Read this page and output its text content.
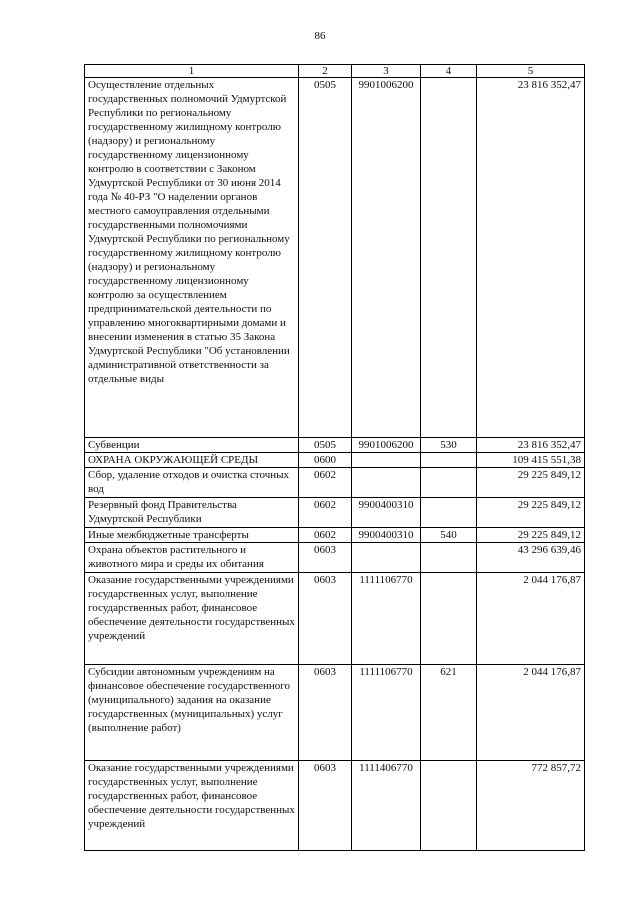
86
1	2	3	4	5

Осуществление отдельных государственных полномочий Удмуртской Республики по региональному государственному жилищному контролю (надзору) и региональному государственному лицензионному контролю в соответствии с Законом Удмуртской Республики от 30 июня 2014 года № 40-РЗ "О наделении органов местного самоуправления отдельными государственными полномочиями Удмуртской Республики по региональному государственному жилищному контролю (надзору) и региональному государственному лицензионному контролю за осуществлением предпринимательской деятельности по управлению многоквартирными домами и внесении изменения в статью 35 Закона Удмуртской Республики "Об установлении административной ответственности за отдельные виды	0505	9901006200		23 816 352,47
Субвенции	0505	9901006200	530	23 816 352,47
ОХРАНА ОКРУЖАЮЩЕЙ СРЕДЫ	0600			109 415 551,38
Сбор, удаление отходов и очистка сточных вод	0602			29 225 849,12
Резервный фонд Правительства Удмуртской Республики	0602	9900400310		29 225 849,12
Иные межбюджетные трансферты	0602	9900400310	540	29 225 849,12
Охрана объектов растительного и животного мира и среды их обитания	0603			43 296 639,46
Оказание государственными учреждениями государственных услуг, выполнение государственных работ, финансовое обеспечение деятельности государственных учреждений	0603	1111106770		2 044 176,87
Субсидии автономным учреждениям на финансовое обеспечение государственного (муниципального) задания на оказание государственных (муниципальных) услуг (выполнение работ)	0603	1111106770	621	2 044 176,87
Оказание государственными учреждениями государственных услуг, выполнение государственных работ, финансовое обеспечение деятельности государственных учреждений	0603	1111406770		772 857,72
